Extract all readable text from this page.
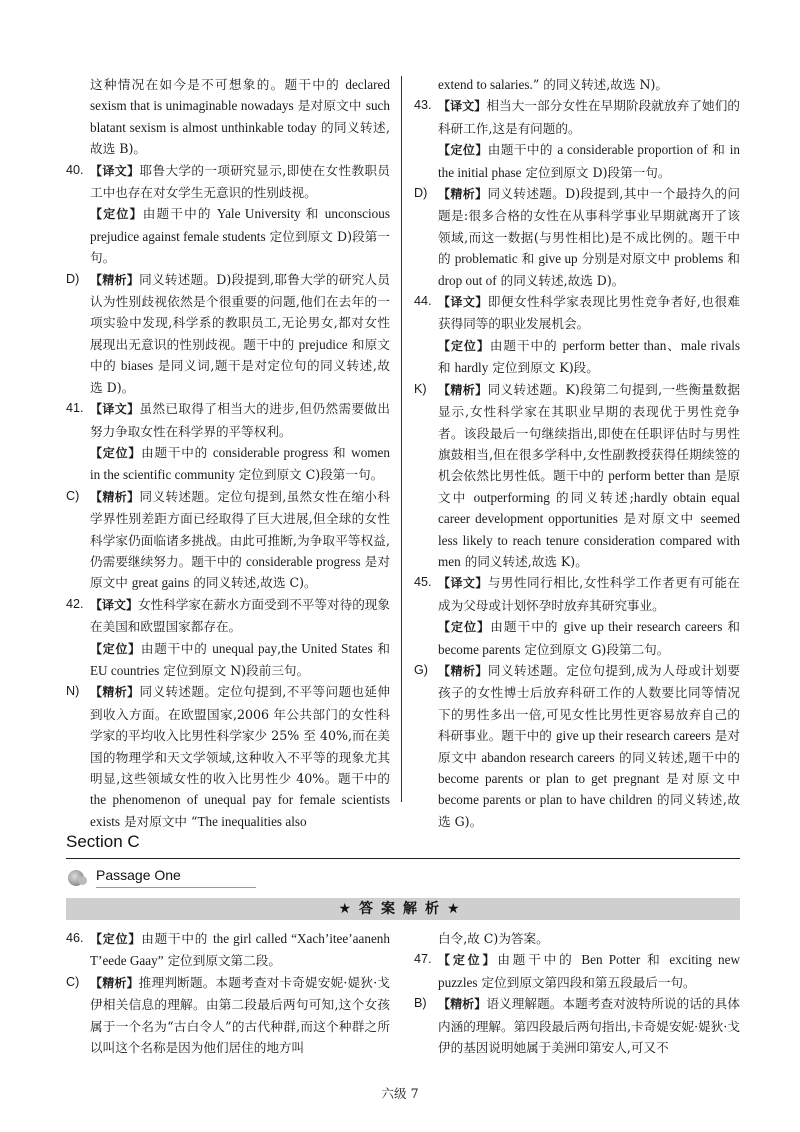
这种情况在如今是不可想象的。题干中的 declared sexism that is unimaginable nowadays 是对原文中 such blatant sexism is almost unthinkable today 的同义转述,故选 B)。
40. 【译文】耶鲁大学的一项研究显示,即使在女性教职员工中也存在对女学生无意识的性别歧视。
【定位】由题干中的 Yale University 和 unconscious prejudice against female students 定位到原文 D)段第一句。
D) 【精析】同义转述题。D)段提到,耶鲁大学的研究人员认为性别歧视依然是个很重要的问题,他们在去年的一项实验中发现,科学系的教职员工,无论男女,都对女性展现出无意识的性别歧视。题干中的 prejudice 和原文中的 biases 是同义词,题干是对定位句的同义转述,故选 D)。
41. 【译文】虽然已取得了相当大的进步,但仍然需要做出努力争取女性在科学界的平等权利。
【定位】由题干中的 considerable progress 和 women in the scientific community 定位到原文 C)段第一句。
C) 【精析】同义转述题。定位句提到,虽然女性在缩小科学界性别差距方面已经取得了巨大进展,但全球的女性科学家仍面临诸多挑战。由此可推断,为争取平等权益,仍需要继续努力。题干中的 considerable progress 是对原文中 great gains 的同义转述,故选 C)。
42. 【译文】女性科学家在薪水方面受到不平等对待的现象在美国和欧盟国家都存在。
【定位】由题干中的 unequal pay,the United States 和 EU countries 定位到原文 N)段前三句。
N) 【精析】同义转述题。定位句提到,不平等问题也延伸到收入方面。在欧盟国家,2006 年公共部门的女性科学家的平均收入比男性科学家少 25% 至 40%,而在美国的物理学和天文学领域,这种收入不平等的现象尤其明显,这些领域女性的收入比男性少 40%。题干中的 the phenomenon of unequal pay for female scientists exists 是对原文中 “The inequalities also
extend to salaries.” 的同义转述,故选 N)。
43. 【译文】相当大一部分女性在早期阶段就放弃了她们的科研工作,这是有问题的。
【定位】由题干中的 a considerable proportion of 和 in the initial phase 定位到原文 D)段第一句。
D) 【精析】同义转述题。D)段提到,其中一个最持久的问题是:很多合格的女性在从事科学事业早期就离开了该领域,而这一数据(与男性相比)是不成比例的。题干中的 problematic 和 give up 分别是对原文中 problems 和 drop out of 的同义转述,故选 D)。
44. 【译文】即便女性科学家表现比男性竞争者好,也很难获得同等的职业发展机会。
【定位】由题干中的 perform better than、male rivals 和 hardly 定位到原文 K)段。
K) 【精析】同义转述题。K)段第二句提到,一些衡量数据显示,女性科学家在其职业早期的表现优于男性竞争者。该段最后一句继续指出,即使在任职评估时与男性旗鼓相当,但在很多学科中,女性副教授获得任期续签的机会依然比男性低。题干中的 perform better than 是原文中 outperforming 的同义转述;hardly obtain equal career development opportunities 是对原文中 seemed less likely to reach tenure consideration compared with men 的同义转述,故选 K)。
45. 【译文】与男性同行相比,女性科学工作者更有可能在成为父母或计划怀孕时放弃其研究事业。
【定位】由题干中的 give up their research careers 和 become parents 定位到原文 G)段第二句。
G) 【精析】同义转述题。定位句提到,成为人母或计划要孩子的女性博士后放弃科研工作的人数要比同等情况下的男性多出一倍,可见女性比男性更容易放弃自己的科研事业。题干中的 give up their research careers 是对原文中 abandon research careers 的同义转述,题干中的 become parents or plan to get pregnant 是对原文中 become parents or plan to have children 的同义转述,故选 G)。
Section C
Passage One
★答案解析★
46. 【定位】由题干中的 the girl called “Xach’itee’aanenh T’eede Gaay” 定位到原文第二段。
C) 【精析】推理判断题。本题考查对卡奇媞安妮·媞狄·戈伊相关信息的理解。由第二段最后两句可知,这个女孩属于一个名为“古白令人”的古代种群,而这个种群之所以叫这个名称是因为他们居住的地方叫
白令,故 C)为答案。
47. 【定位】由题干中的 Ben Potter 和 exciting new puzzles 定位到原文第四段和第五段最后一句。
B) 【精析】语义理解题。本题考查对波特所说的话的具体内涵的理解。第四段最后两句指出,卡奇媞安妮·媞狄·戈伊的基因说明她属于美洲印第安人,可又不
六级 7
